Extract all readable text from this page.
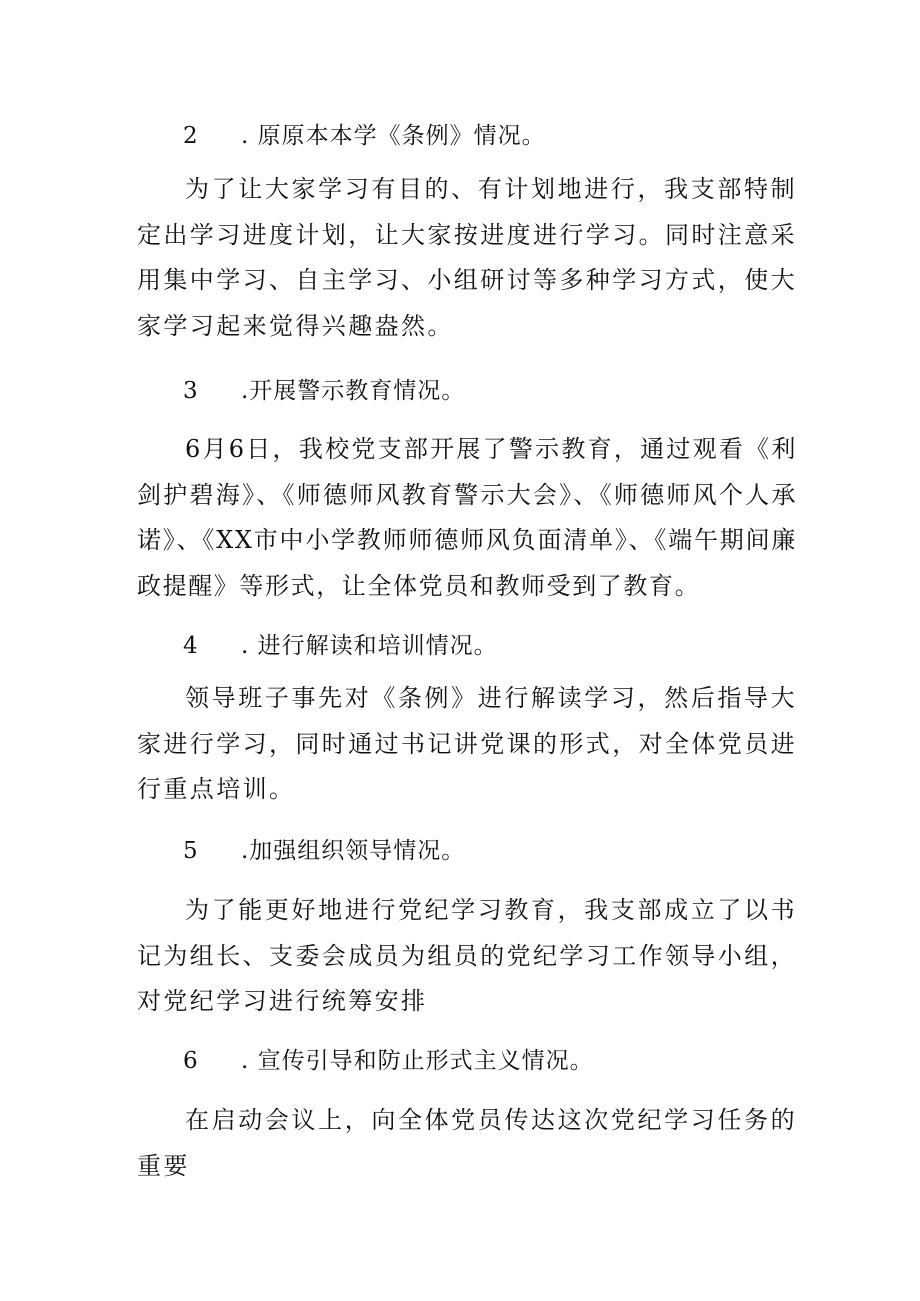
2 . 原原本本学《条例》情况。
为了让大家学习有目的、有计划地进行，我支部特制定出学习进度计划，让大家按进度进行学习。同时注意采用集中学习、自主学习、小组研讨等多种学习方式，使大家学习起来觉得兴趣盎然。
3 .开展警示教育情况。
6月6日，我校党支部开展了警示教育，通过观看《利剑护碧海》、《师德师风教育警示大会》、《师德师风个人承诺》、《XX市中小学教师师德师风负面清单》、《端午期间廉政提醒》等形式，让全体党员和教师受到了教育。
4 . 进行解读和培训情况。
领导班子事先对《条例》进行解读学习，然后指导大家进行学习，同时通过书记讲党课的形式，对全体党员进行重点培训。
5 .加强组织领导情况。
为了能更好地进行党纪学习教育，我支部成立了以书记为组长、支委会成员为组员的党纪学习工作领导小组，对党纪学习进行统筹安排
6 . 宣传引导和防止形式主义情况。
在启动会议上，向全体党员传达这次党纪学习任务的重要
